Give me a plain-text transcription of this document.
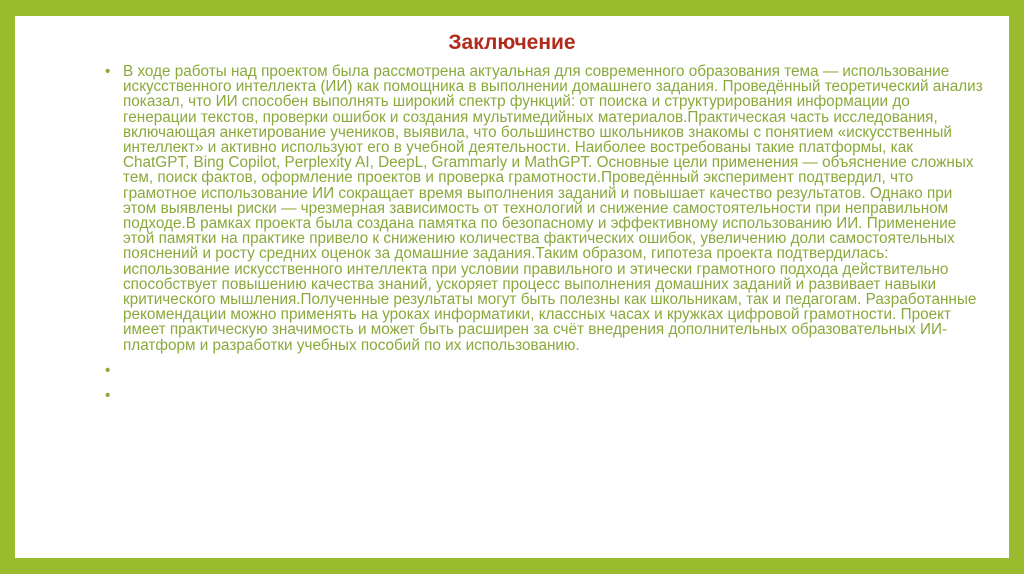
Заключение
• В ходе работы над проектом была рассмотрена актуальная для современного образования тема — использование искусственного интеллекта (ИИ) как помощника в выполнении домашнего задания. Проведённый теоретический анализ показал, что ИИ способен выполнять широкий спектр функций: от поиска и структурирования информации до генерации текстов, проверки ошибок и создания мультимедийных материалов.Практическая часть исследования, включающая анкетирование учеников, выявила, что большинство школьников знакомы с понятием «искусственный интеллект» и активно используют его в учебной деятельности. Наиболее востребованы такие платформы, как ChatGPT, Bing Copilot, Perplexity AI, DeepL, Grammarly и MathGPT. Основные цели применения — объяснение сложных тем, поиск фактов, оформление проектов и проверка грамотности.Проведённый эксперимент подтвердил, что грамотное использование ИИ сокращает время выполнения заданий и повышает качество результатов. Однако при этом выявлены риски — чрезмерная зависимость от технологий и снижение самостоятельности при неправильном подходе.В рамках проекта была создана памятка по безопасному и эффективному использованию ИИ. Применение этой памятки на практике привело к снижению количества фактических ошибок, увеличению доли самостоятельных пояснений и росту средних оценок за домашние задания.Таким образом, гипотеза проекта подтвердилась: использование искусственного интеллекта при условии правильного и этически грамотного подхода действительно способствует повышению качества знаний, ускоряет процесс выполнения домашних заданий и развивает навыки критического мышления.Полученные результаты могут быть полезны как школьникам, так и педагогам. Разработанные рекомендации можно применять на уроках информатики, классных часах и кружках цифровой грамотности. Проект имеет практическую значимость и может быть расширен за счёт внедрения дополнительных образовательных ИИ-платформ и разработки учебных пособий по их использованию.
•
•
